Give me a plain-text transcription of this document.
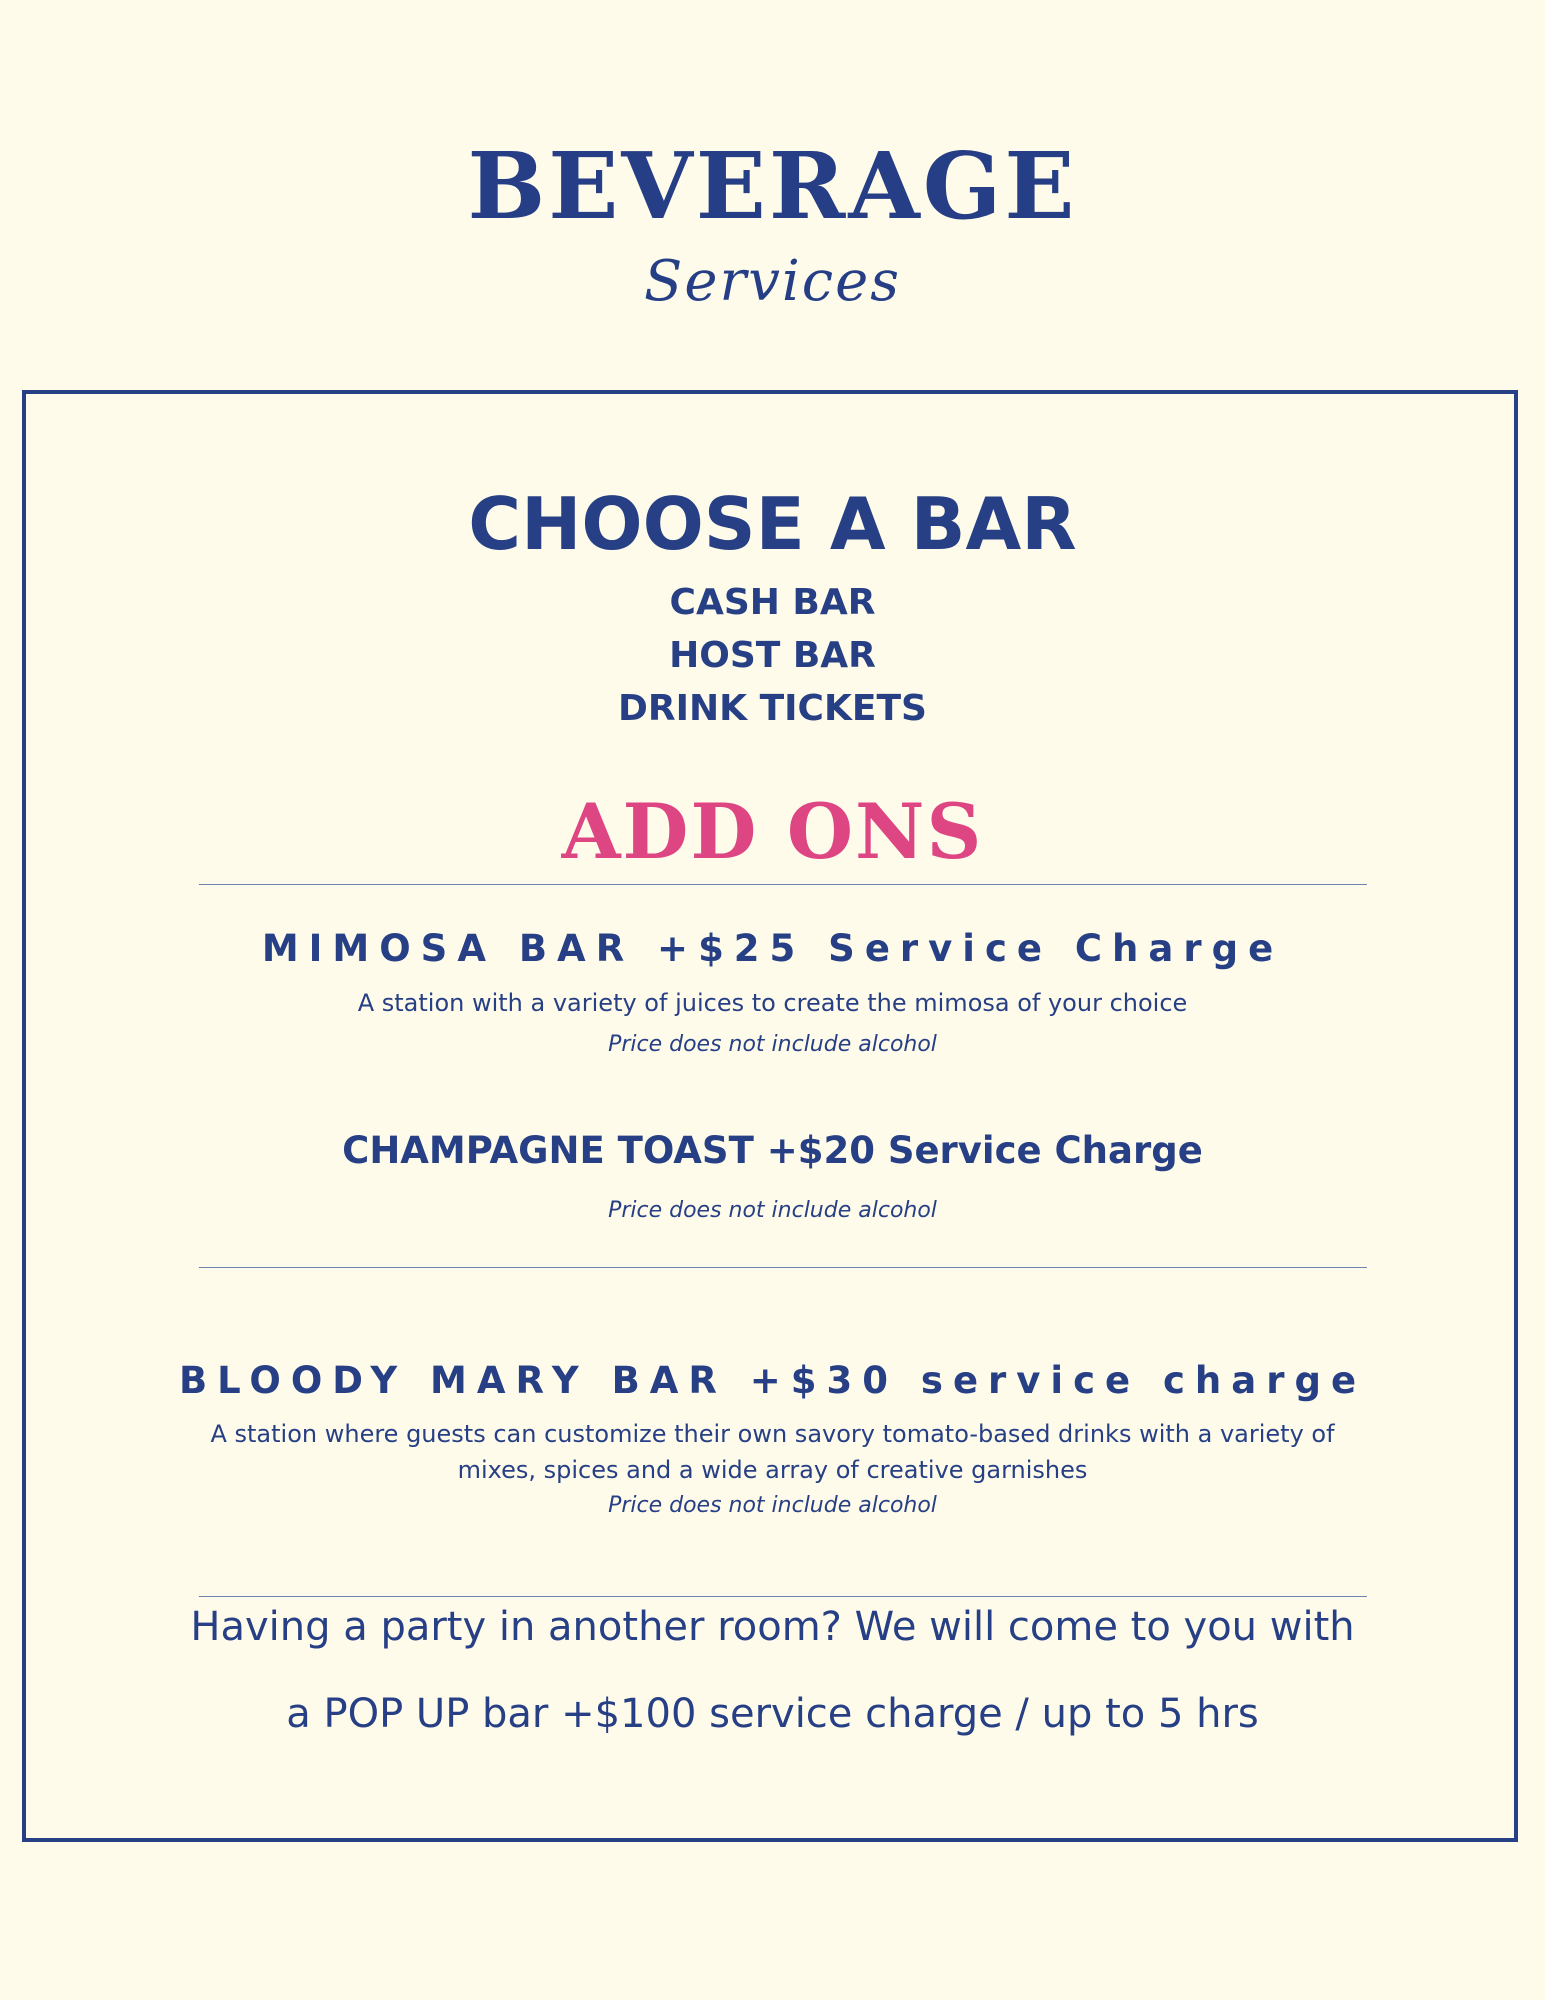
BEVERAGE
Services
CHOOSE A BAR
CASH BAR
HOST BAR
DRINK TICKETS
ADD ONS
MIMOSA BAR +$25 Service Charge
A station with a variety of juices to create the mimosa of your choice
Price does not include alcohol
CHAMPAGNE TOAST +$20 Service Charge
Price does not include alcohol
BLOODY MARY BAR +$30 service charge
A station where guests can customize their own savory tomato-based drinks with a variety of
mixes, spices and a wide array of creative garnishes
Price does not include alcohol
Having a party in another room? We will come to you with
a POP UP bar +$100 service charge / up to 5 hrs
